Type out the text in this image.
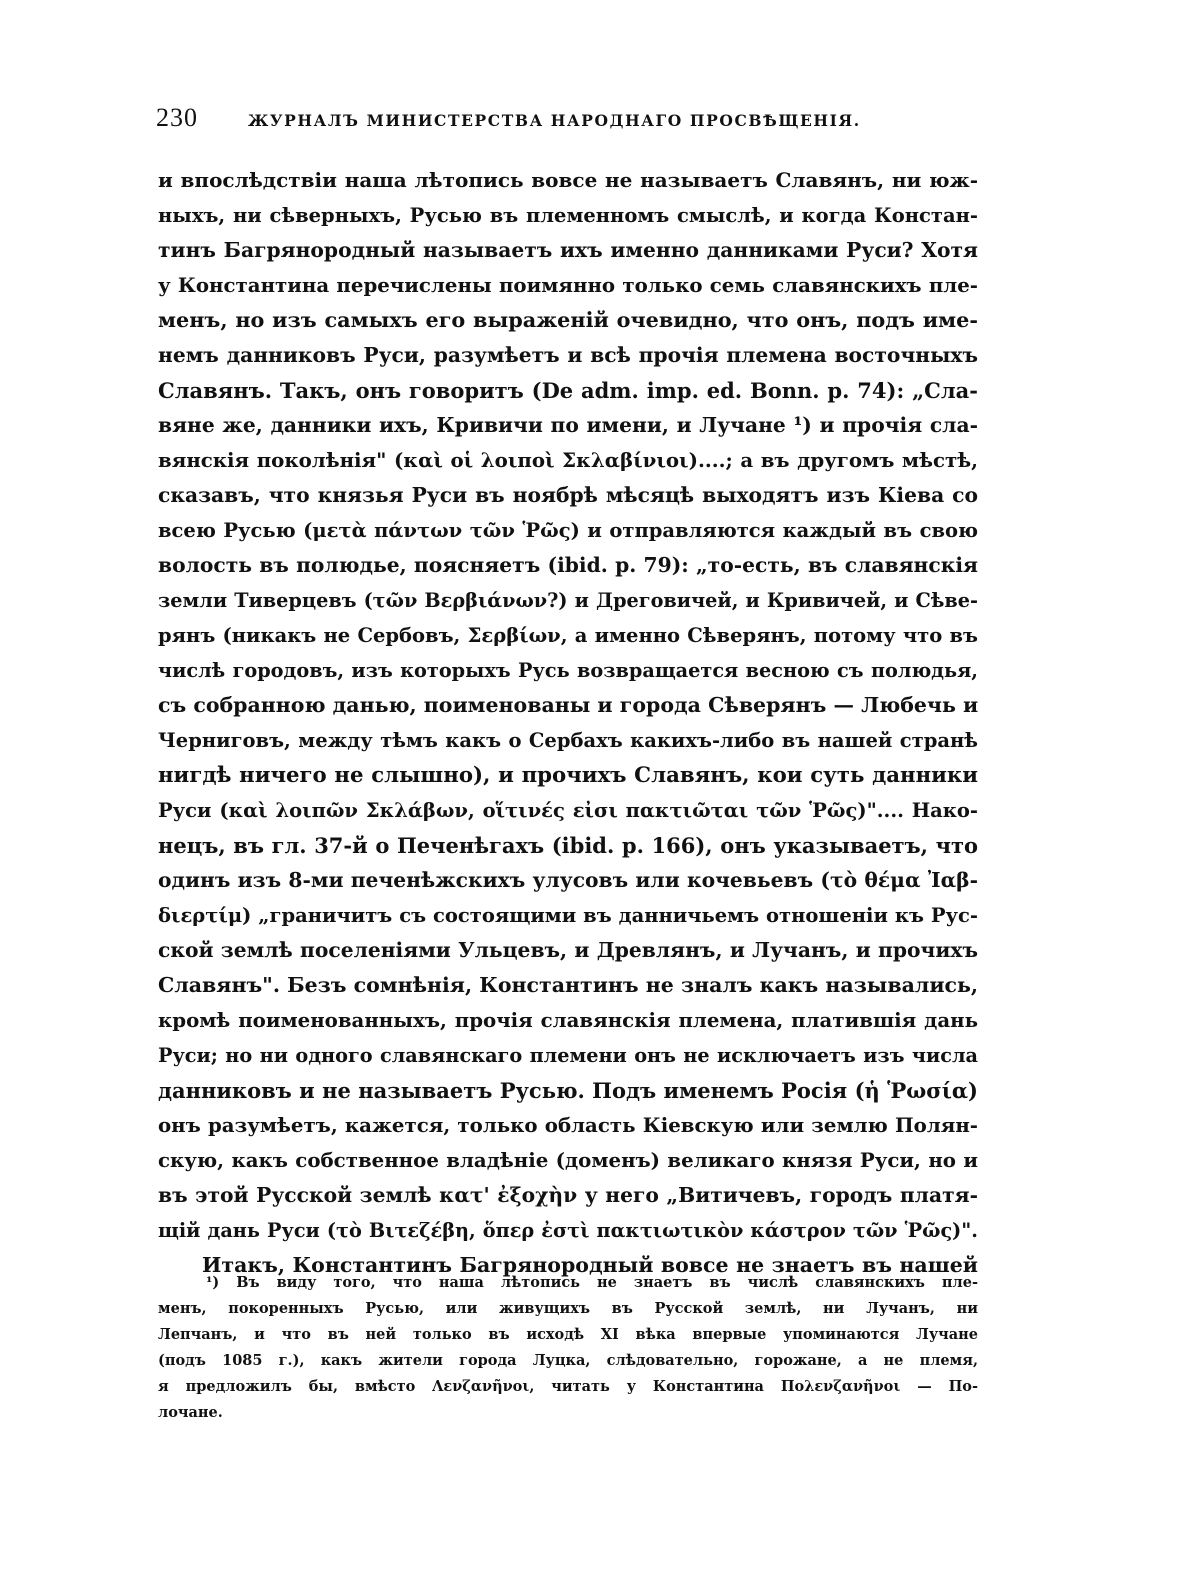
230	ЖУРНАЛЪ МИНИСТЕРСТВА НАРОДНАГО ПРОСВѢЩЕНІЯ.
и впослѣдствіи наша лѣтопись вовсе не называетъ Славянъ, ни юж-
ныхъ, ни сѣверныхъ, Русью въ племенномъ смыслѣ, и когда Констан-
тинъ Багрянородный называетъ ихъ именно данниками Руси? Хотя
у Константина перечислены поимянно только семь славянскихъ пле-
менъ, но изъ самыхъ его выраженій очевидно, что онъ, подъ име-
немъ данниковъ Руси, разумѣетъ и всѣ прочія племена восточныхъ
Славянъ. Такъ, онъ говоритъ (De adm. imp. ed. Bonn. p. 74): „Сла-
вяне же, данники ихъ, Кривичи по имени, и Лучане ¹) и прочія сла-
вянскія поколѣнія" (καὶ οἱ λοιποὶ Σκλαβίνιοι)....; а въ другомъ мѣстѣ,
сказавъ, что князья Руси въ ноябрѣ мѣсяцѣ выходятъ изъ Кіева со
всею Русью (μετὰ πάντων τῶν Ῥῶς) и отправляются каждый въ свою
волость въ полюдье, поясняетъ (ibid. p. 79): „то-есть, въ славянскія
земли Тиверцевъ (τῶν Βερβιάνων?) и Дреговичей, и Кривичей, и Сѣве-
рянъ (никакъ не Сербовъ, Σερβίων, а именно Сѣверянъ, потому что въ
числѣ городовъ, изъ которыхъ Русь возвращается весною съ полюдья,
съ собранною данью, поименованы и города Сѣверянъ — Любечь и
Черниговъ, между тѣмъ какъ о Сербахъ какихъ-либо въ нашей странѣ
нигдѣ ничего не слышно), и прочихъ Славянъ, кои суть данники
Руси (καὶ λοιπῶν Σκλάβων, οἵτινές εἰσι πακτιῶται τῶν Ῥῶς)".... Нако-
нецъ, въ гл. 37-й о Печенѣгахъ (ibid. p. 166), онъ указываетъ, что
одинъ изъ 8-ми печенѣжскихъ улусовъ или кочевьевъ (τὸ θέμα Ἰαβ-
διερτίμ) „граничитъ съ состоящими въ данничьемъ отношеніи къ Рус-
ской землѣ поселеніями Ульцевъ, и Древлянъ, и Лучанъ, и прочихъ
Славянъ". Безъ сомнѣнія, Константинъ не зналъ какъ назывались,
кромѣ поименованныхъ, прочія славянскія племена, платившія дань
Руси; но ни одного славянскаго племени онъ не исключаетъ изъ числа
данниковъ и не называетъ Русью. Подъ именемъ Росія (ἡ Ῥωσία)
онъ разумѣетъ, кажется, только область Кіевскую или землю Полян-
скую, какъ собственное владѣніе (доменъ) великаго князя Руси, но и
въ этой Русской землѣ κατ' ἐξοχὴν у него „Витичевъ, городъ платя-
щій дань Руси (τὸ Βιτεζέβη, ὅπερ ἐστὶ πακτιωτικὸν κάστρον τῶν Ῥῶς)".
Итакъ, Константинъ Багрянородный вовсе не знаетъ въ нашей
¹) Въ виду того, что наша лѣтопись не знаетъ въ числѣ славянскихъ пле-
менъ, покоренныхъ Русью, или живущихъ въ Русской землѣ, ни Лучанъ, ни
Лепчанъ, и что въ ней только въ исходѣ XI вѣка впервые упоминаются Лучане
(подъ 1085 г.), какъ жители города Луцка, слѣдовательно, горожане, а не племя,
я предложилъ бы, вмѣсто Λενζανῆνοι, читать у Константина Πολενζανῆνοι — По-
лочане.
